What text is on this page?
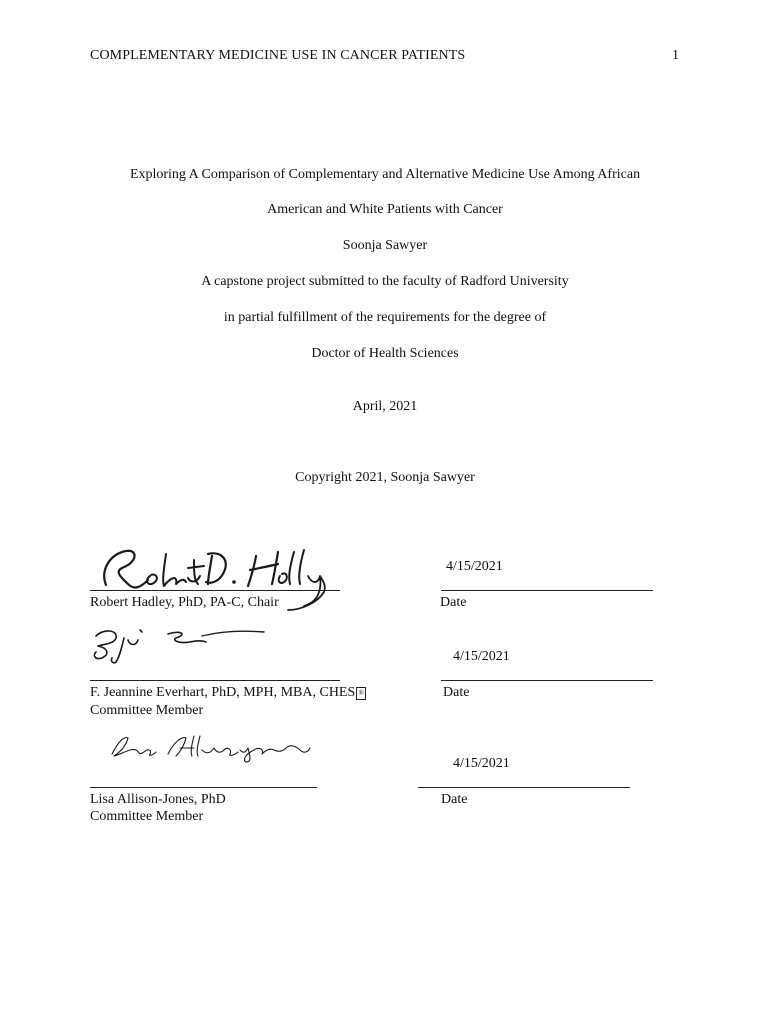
COMPLEMENTARY MEDICINE USE IN CANCER PATIENTS	1
Exploring A Comparison of Complementary and Alternative Medicine Use Among African
American and White Patients with Cancer
Soonja Sawyer
A capstone project submitted to the faculty of Radford University
in partial fulfillment of the requirements for the degree of
Doctor of Health Sciences
April, 2021
Copyright 2021, Soonja Sawyer
Robert Hadley, PhD, PA-C, Chair
4/15/2021
Date
F. Jeannine Everhart, PhD, MPH, MBA, CHES ®
Committee Member
4/15/2021
Date
Lisa Allison-Jones, PhD
Committee Member
4/15/2021
Date
